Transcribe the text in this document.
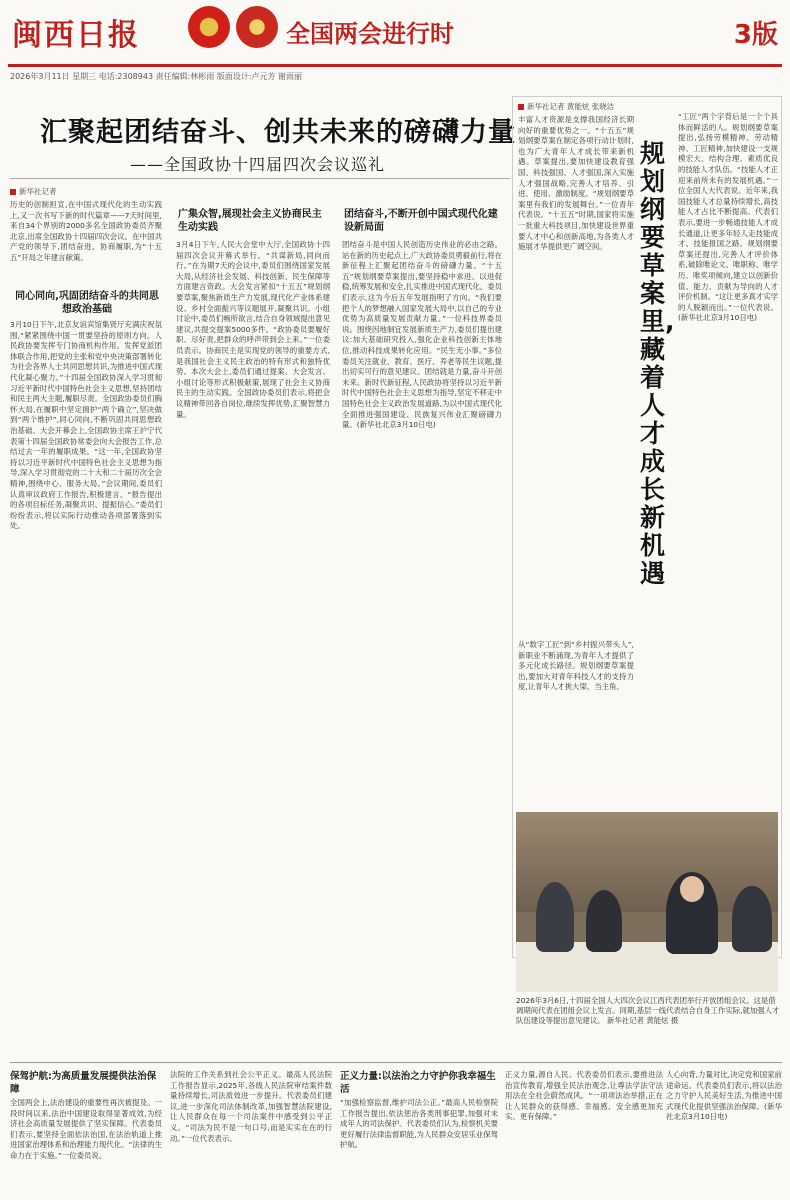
闽西日报	全国两会进行时	3版
2026年3月11日 星期三 电话:2308943 责任编辑:林彬雨 版面设计:卢元芳 谢雨丽
汇聚起团结奋斗、创共未来的磅礴力量
——全国政协十四届四次会议巡礼
新华社记者
历史的创制担宣,在中国式现代化的生动实践上,又一次书写下新的时代篇章——7天时间里,来自34个界别的2000多名全国政协委员齐聚北京,出席全国政协十四届四次会议。在中国共产党的领导下,团结奋进、协商履职,为“十五五”开局之年建言献策。
同心同向,巩固团结奋斗的共同思想政治基础
3月10日下午,北京友谊宾馆集贤厅充满庆祝氛围,“紧紧围绕中国一贯要坚持的原则方向。人民政协要发挥专门协商机构作用。发挥党派团体联合作用,把党的主张和党中央决策部署转化为社会各界人士共同思想共识,为推进中国式现代化凝心聚力。”十四届全国政协深入学习贯彻习近平新时代中国特色社会主义思想,坚持团结和民主两大主题,履职尽责。全国政协委员们胸怀大局,在履职中坚定拥护“两个确立”,坚决做到“两个维护”,同心同向,不断巩固共同思想政治基础。大会开幕会上,全国政协主席王沪宁代表第十四届全国政协常委会向大会报告工作,总结过去一年的履职成果。“这一年,全国政协坚持以习近平新时代中国特色社会主义思想为指导,深入学习贯彻党的二十大和二十届历次全会精神,围绕中心、服务大局。”会议期间,委员们认真审议政府工作报告,积极建言。“报告提出的各项目标任务,凝聚共识、提振信心。”委员们纷纷表示,将以实际行动推动各项部署落到实处。
广集众智,展现社会主义协商民主生动实践
3月4日下午,人民大会堂中大厅,全国政协十四届四次会议开幕式举行。“共谋新局,同向而行。”在为期7天的会议中,委员们围绕国家发展大局,从经济社会发展、科技创新、民生保障等方面建言资政。大会发言紧扣“十五五”规划纲要草案,聚焦新质生产力发展,现代化产业体系建设、乡村全面振兴等议题展开,凝聚共识。小组讨论中,委员们畅所欲言,结合自身领域提出意见建议,共提交提案5000多件。“政协委员要履好职、尽好责,把群众的呼声带到会上来。”一位委员表示。协商民主是实现党的领导的重要方式,是我国社会主义民主政治的特有形式和独特优势。本次大会上,委员们通过提案、大会发言、小组讨论等形式积极献策,展现了社会主义协商民主的生动实践。全国政协委员们表示,将把会议精神带回各自岗位,继续发挥优势,汇聚智慧力量。
团结奋斗,不断开创中国式现代化建设新局面
团结奋斗是中国人民创造历史伟业的必由之路。站在新的历史起点上,广大政协委员勇毅前行,将在新征程上汇聚起团结奋斗的磅礴力量。“十五五”规划纲要草案提出,要坚持稳中求进、以进促稳,统筹发展和安全,扎实推进中国式现代化。委员们表示,这为今后五年发展指明了方向。“我们要把个人的梦想融入国家发展大局中,以自己的专业优势为高质量发展贡献力量。”一位科技界委员说。围绕因地制宜发展新质生产力,委员们提出建议:加大基础研究投入,强化企业科技创新主体地位,推动科技成果转化应用。“民生无小事。”多位委员关注就业、教育、医疗、养老等民生议题,提出切实可行的意见建议。团结就是力量,奋斗开创未来。新时代新征程,人民政协将坚持以习近平新时代中国特色社会主义思想为指导,坚定不移走中国特色社会主义政治发展道路,为以中国式现代化全面推进强国建设、民族复兴伟业汇聚磅礴力量。(新华社北京3月10日电)
新华社记者 黄能炫 张晓洁
丰富人才资源是支撑我国经济长期向好的重要优势之一。“十五五”规划纲要草案在制定各项行动计划时,也为广大青年人才成长带来新机遇。草案提出,要加快建设教育强国、科技强国、人才强国,深入实施人才强国战略,完善人才培养、引进、使用、激励制度。“规划纲要草案里有我们的发展舞台。”一位青年代表说。“十五五”时期,国家将实施一批重大科技项目,加快建设世界重要人才中心和创新高地,为各类人才施展才华提供更广阔空间。
规划纲要草案里,藏着人才成长新机遇
“工匠”两个字背后是一个个具体而鲜活的人。规划纲要草案提出,弘扬劳模精神、劳动精神、工匠精神,加快建设一支规模宏大、结构合理、素质优良的技能人才队伍。“技能人才正迎来前所未有的发展机遇。”一位全国人大代表说。近年来,我国技能人才总量持续增长,高技能人才占比不断提高。代表们表示,要进一步畅通技能人才成长通道,让更多年轻人走技能成才、技能报国之路。规划纲要草案还提出,完善人才评价体系,破除唯论文、唯职称、唯学历、唯奖项倾向,建立以创新价值、能力、贡献为导向的人才评价机制。“这让更多真才实学的人脱颖而出。”一位代表说。(新华社北京3月10日电)
从“数字工匠”到“乡村振兴带头人”,新职业不断涌现,为青年人才提供了多元化成长路径。规划纲要草案提出,要加大对青年科技人才的支持力度,让青年人才挑大梁、当主角。
2026年3月6日,十四届全国人大四次会议江西代表团举行开放团组会议。这是借调期间代表在团组会议上发言。同期,基层一线代表结合自身工作实际,就加强人才队伍建设等提出意见建议。 新华社记者 黄能炫 摄
保驾护航:为高质量发展提供法治保障
全国两会上,法治建设的重要性再次被提及。一段时间以来,法治中国建设取得显著成效,为经济社会高质量发展提供了坚实保障。代表委员们表示,要坚持全面依法治国,在法治轨道上推进国家治理体系和治理能力现代化。“法律的生命力在于实施。”一位委员说。
法院的工作关系到社会公平正义。最高人民法院工作报告显示,2025年,各级人民法院审结案件数量持续增长,司法质效进一步提升。代表委员们建议,进一步深化司法体制改革,加强智慧法院建设,让人民群众在每一个司法案件中感受到公平正义。“司法为民不是一句口号,而是实实在在的行动。”一位代表表示。
正义力量:以法治之力守护你我幸福生活
“加强检察监督,维护司法公正。”最高人民检察院工作报告提出,依法惩治各类刑事犯罪,加强对未成年人的司法保护。代表委员们认为,检察机关要更好履行法律监督职能,为人民群众安居乐业保驾护航。
正义力量,源自人民。代表委员们表示,要推进法治宣传教育,增强全民法治观念,让尊法学法守法用法在全社会蔚然成风。“一项项法治举措,正在让人民群众的获得感、幸福感、安全感更加充实、更有保障。”
人心向背,力量对比,决定党和国家前途命运。代表委员们表示,将以法治之力守护人民美好生活,为推进中国式现代化提供坚强法治保障。(新华社北京3月10日电)
